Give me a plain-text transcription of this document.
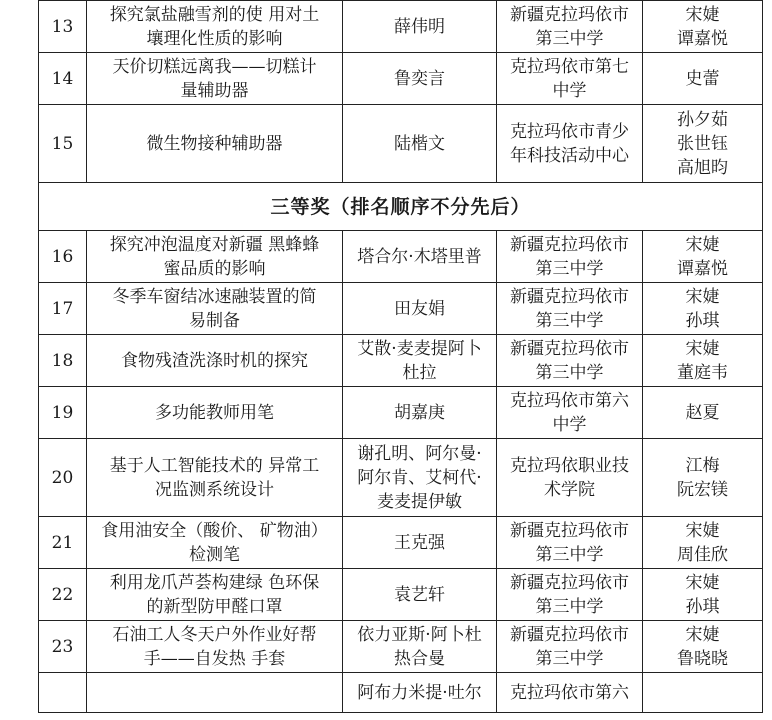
13	探究氯盐融雪剂的使 用对土
壤理化性质的影响	薛伟明	新疆克拉玛依市
第三中学	宋婕
谭嘉悦

14	天价切糕远离我——切糕计
量辅助器	鲁奕言	克拉玛依市第七
中学	史蕾

15	微生物接种辅助器	陆楷文	克拉玛依市青少
年科技活动中心	孙夕茹
张世钰
高旭昀

三等奖（排名顺序不分先后）				
16	探究冲泡温度对新疆 黑蜂蜂
蜜品质的影响	塔合尔·木塔里普	新疆克拉玛依市
第三中学	宋婕
谭嘉悦

17	冬季车窗结冰速融装置的简
易制备	田友娟	新疆克拉玛依市
第三中学	宋婕
孙琪

18	食物残渣洗涤时机的探究	艾散·麦麦提阿卜
杜拉	新疆克拉玛依市
第三中学	宋婕
董庭韦

19	多功能教师用笔	胡嘉庚	克拉玛依市第六
中学	赵夏

20	基于人工智能技术的 异常工
况监测系统设计	谢孔明、阿尔曼·
阿尔肯、艾柯代·
麦麦提伊敏	克拉玛依职业技
术学院	江梅
阮宏镁

21	食用油安全（酸价、 矿物油）
检测笔	王克强	新疆克拉玛依市
第三中学	宋婕
周佳欣

22	利用龙爪芦荟构建绿 色环保
的新型防甲醛口罩	袁艺轩	新疆克拉玛依市
第三中学	宋婕
孙琪

23	石油工人冬天户外作业好帮
手——自发热 手套	依力亚斯·阿卜杜
热合曼	新疆克拉玛依市
第三中学	宋婕
鲁晓晓

		阿布力米提·吐尔	克拉玛依市第六	
